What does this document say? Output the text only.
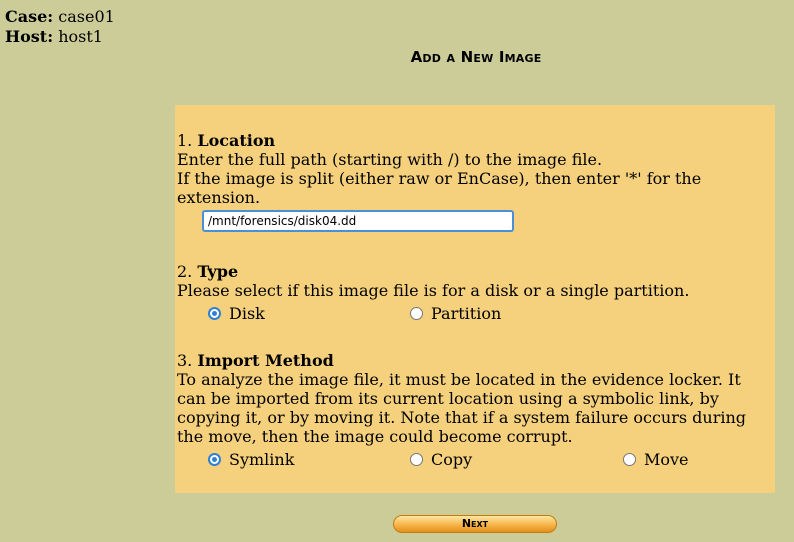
Case: case01
Host: host1
Add a New Image
1. Location
Enter the full path (starting with /) to the image file.
If the image is split (either raw or EnCase), then enter '*' for the extension.
/mnt/forensics/disk04.dd
2. Type
Please select if this image file is for a disk or a single partition.
Disk	Partition
3. Import Method
To analyze the image file, it must be located in the evidence locker. It can be imported from its current location using a symbolic link, by copying it, or by moving it. Note that if a system failure occurs during the move, then the image could become corrupt.
Symlink	Copy	Move
Next
